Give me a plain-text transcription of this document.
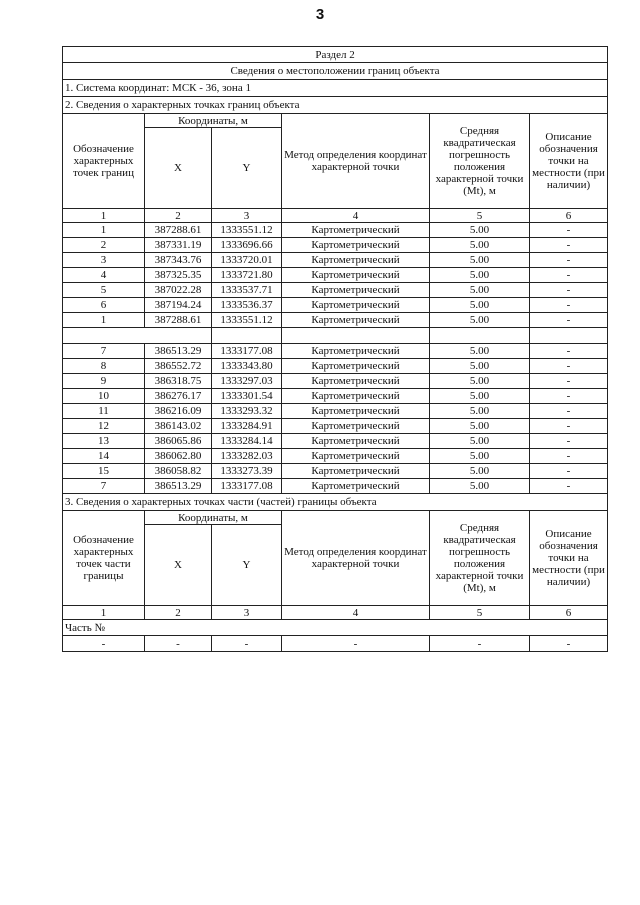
3
Раздел 2					
Сведения о местоположении границ объекта					
1. Система координат: МСК - 36, зона 1					
2. Сведения о характерных точках границ объекта					
Обозначение характерных точек границ	Координаты, м		Метод определения координат характерной точки	Средняя квадратическая погрешность положения характерной точки (Mt), м	Описание обозначения точки на местности (при наличии)
	X	Y			
1	2	3	4	5	6
1	387288.61	1333551.12	Картометрический	5.00	-
2	387331.19	1333696.66	Картометрический	5.00	-
3	387343.76	1333720.01	Картометрический	5.00	-
4	387325.35	1333721.80	Картометрический	5.00	-
5	387022.28	1333537.71	Картометрический	5.00	-
6	387194.24	1333536.37	Картометрический	5.00	-
1	387288.61	1333551.12	Картометрический	5.00	-

7	386513.29	1333177.08	Картометрический	5.00	-
8	386552.72	1333343.80	Картометрический	5.00	-
9	386318.75	1333297.03	Картометрический	5.00	-
10	386276.17	1333301.54	Картометрический	5.00	-
11	386216.09	1333293.32	Картометрический	5.00	-
12	386143.02	1333284.91	Картометрический	5.00	-
13	386065.86	1333284.14	Картометрический	5.00	-
14	386062.80	1333282.03	Картометрический	5.00	-
15	386058.82	1333273.39	Картометрический	5.00	-
7	386513.29	1333177.08	Картометрический	5.00	-
3. Сведения о характерных точках части (частей) границы объекта					
Обозначение характерных точек части границы	Координаты, м		Метод определения координат характерной точки	Средняя квадратическая погрешность положения характерной точки (Mt), м	Описание обозначения точки на местности (при наличии)
	X	Y			
1	2	3	4	5	6
Часть №					
-	-	-	-	-	-
